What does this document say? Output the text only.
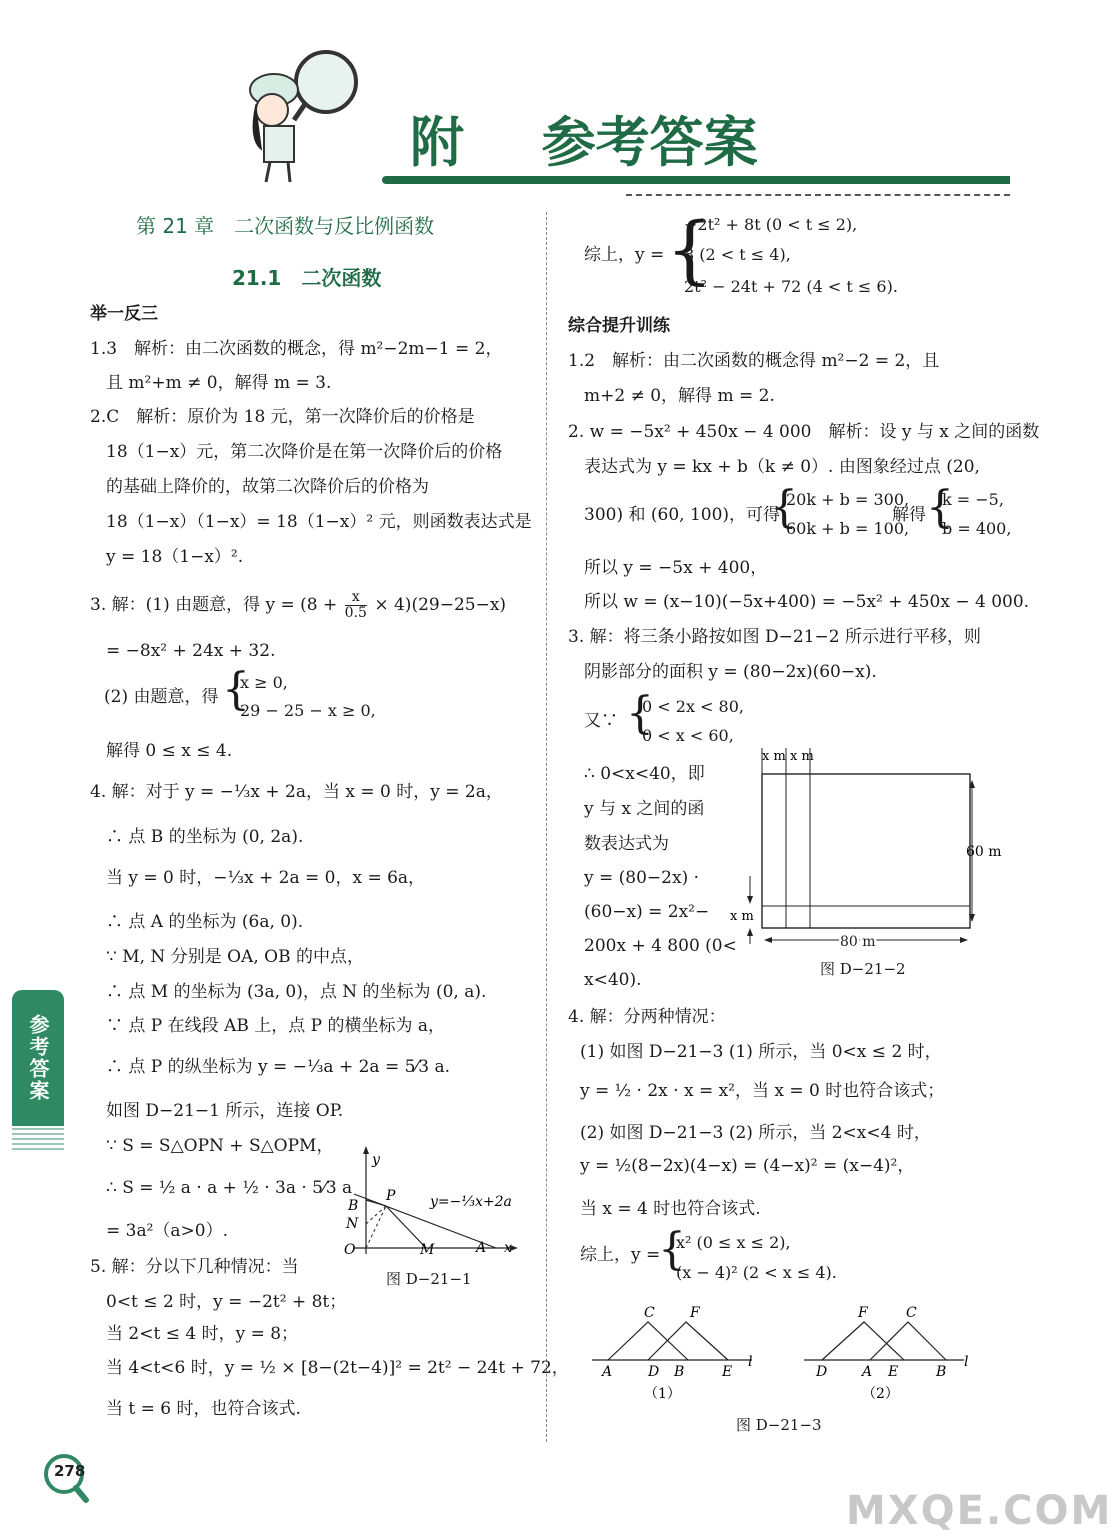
附 参考答案
第 21 章　二次函数与反比例函数
21.1　二次函数
举一反三
1.3　解析：由二次函数的概念，得 m²−2m−1 = 2，
且 m²+m ≠ 0，解得 m = 3.
2.C　解析：原价为 18 元，第一次降价后的价格是
18（1−x）元，第二次降价是在第一次降价后的价格
的基础上降价的，故第二次降价后的价格为
18（1−x）（1−x）= 18（1−x）² 元，则函数表达式是
y = 18（1−x）².
3. 解：(1) 由题意，得 $y = (8 + \frac{x}{0.5} \times 4)(29-25-x)$
= −8x² + 24x + 32.
(2) 由题意，得 {
x ≥ 0,
29 − 25 − x ≥ 0,
解得 0 ≤ x ≤ 4.
4. 解：对于 y = −⅓x + 2a，当 x = 0 时，y = 2a，
∴ 点 B 的坐标为 (0, 2a).
当 y = 0 时，−⅓x + 2a = 0，x = 6a，
∴ 点 A 的坐标为 (6a, 0).
∵ M, N 分别是 OA, OB 的中点，
∴ 点 M 的坐标为 (3a, 0)，点 N 的坐标为 (0, a).
∵ 点 P 在线段 AB 上，点 P 的横坐标为 a，
∴ 点 P 的纵坐标为 y = −⅓a + 2a = 5⁄3 a.
如图 D−21−1 所示，连接 OP.
∵ S = S△OPN + S△OPM，
∴ S = ½ a · a + ½ · 3a · 5⁄3 a
= 3a²（a>0）.
5. 解：分以下几种情况：当
0<t ≤ 2 时，y = −2t² + 8t；
当 2<t ≤ 4 时，y = 8；
当 4<t<6 时，y = ½ × [8−(2t−4)]² = 2t² − 24t + 72，
当 t = 6 时，也符合该式.
y
B
P
N
O	M	A x
y=−⅓x+2a
图 D−21−1
综上，y = {
−2t² + 8t (0 < t ≤ 2),
8 (2 < t ≤ 4),
2t² − 24t + 72 (4 < t ≤ 6).
综合提升训练
1.2　解析：由二次函数的概念得 m²−2 = 2，且
m+2 ≠ 0，解得 m = 2.
2. w = −5x² + 450x − 4 000　解析：设 y 与 x 之间的函数
表达式为 y = kx + b（k ≠ 0）. 由图象经过点 (20,
300) 和 (60, 100)，可得
{
20k + b = 300,
60k + b = 100,
解得 {
k = −5,
b = 400,
所以 y = −5x + 400，
所以 w = (x−10)(−5x+400) = −5x² + 450x − 4 000.
3. 解：将三条小路按如图 D−21−2 所示进行平移，则
阴影部分的面积 y = (80−2x)(60−x).
又∵ {
0 < 2x < 80,
0 < x < 60,
∴ 0<x<40，即
y 与 x 之间的函
数表达式为
y = (80−2x) ·
(60−x) = 2x²−
200x + 4 800 (0<
x<40).
x m x m
60 m
x m
80 m
图 D−21−2
4. 解：分两种情况：
(1) 如图 D−21−3 (1) 所示，当 0<x ≤ 2 时，
y = ½ · 2x · x = x²，当 x = 0 时也符合该式；
(2) 如图 D−21−3 (2) 所示，当 2<x<4 时，
y = ½(8−2x)(4−x) = (4−x)² = (x−4)²，
当 x = 4 时也符合该式.
综上，y =
{
x² (0 ≤ x ≤ 2),
(x − 4)² (2 < x ≤ 4).
C	F
A	D B	E
l
F	C
D A E	B
l
（1）	（2）
图 D−21−3
参考答案
278
MXQE.COM
